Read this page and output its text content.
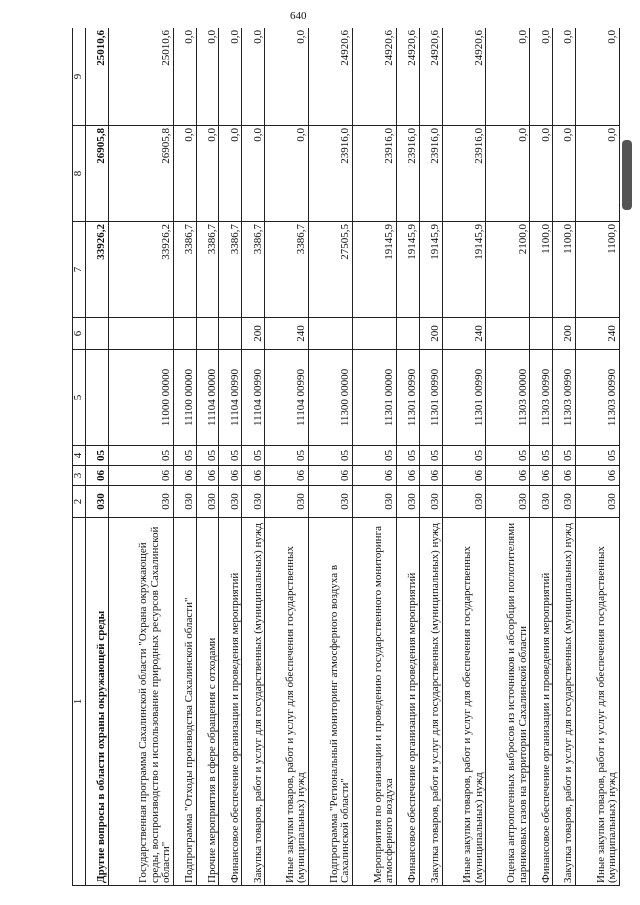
640
1	2	3	4	5	6	7	8	9
Другие вопросы в области охраны окружающей среды	030	06	05			33926,2	26905,8	25010,6
Государственная программа Сахалинской области "Охрана окружающей среды, воспроизводство и использование природных ресурсов Сахалинской области"	030	06	05	11000 00000		33926,2	26905,8	25010,6
Подпрограмма "Отходы производства Сахалинской области"	030	06	05	11100 00000		3386,7	0,0	0,0
Прочие мероприятия в сфере обращения с отходами	030	06	05	11104 00000		3386,7	0,0	0,0
Финансовое обеспечение организации и проведения мероприятий	030	06	05	11104 00990		3386,7	0,0	0,0
Закупка товаров, работ и услуг для государственных (муниципальных) нужд	030	06	05	11104 00990	200	3386,7	0,0	0,0
Иные закупки товаров, работ и услуг для обеспечения государственных (муниципальных) нужд	030	06	05	11104 00990	240	3386,7	0,0	0,0
Подпрограмма "Региональный мониторинг атмосферного воздуха в Сахалинской области"	030	06	05	11300 00000		27505,5	23916,0	24920,6
Мероприятия по организации и проведению государственного мониторинга атмосферного воздуха	030	06	05	11301 00000		19145,9	23916,0	24920,6
Финансовое обеспечение организации и проведения мероприятий	030	06	05	11301 00990		19145,9	23916,0	24920,6
Закупка товаров, работ и услуг для государственных (муниципальных) нужд	030	06	05	11301 00990	200	19145,9	23916,0	24920,6
Иные закупки товаров, работ и услуг для обеспечения государственных (муниципальных) нужд	030	06	05	11301 00990	240	19145,9	23916,0	24920,6
Оценка антропогенных выбросов из источников и абсорбции поглотителями парниковых газов на территории Сахалинской области	030	06	05	11303 00000		2100,0	0,0	0,0
Финансовое обеспечение организации и проведения мероприятий	030	06	05	11303 00990		1100,0	0,0	0,0
Закупка товаров, работ и услуг для государственных (муниципальных) нужд	030	06	05	11303 00990	200	1100,0	0,0	0,0
Иные закупки товаров, работ и услуг для обеспечения государственных (муниципальных) нужд	030	06	05	11303 00990	240	1100,0	0,0	0,0
